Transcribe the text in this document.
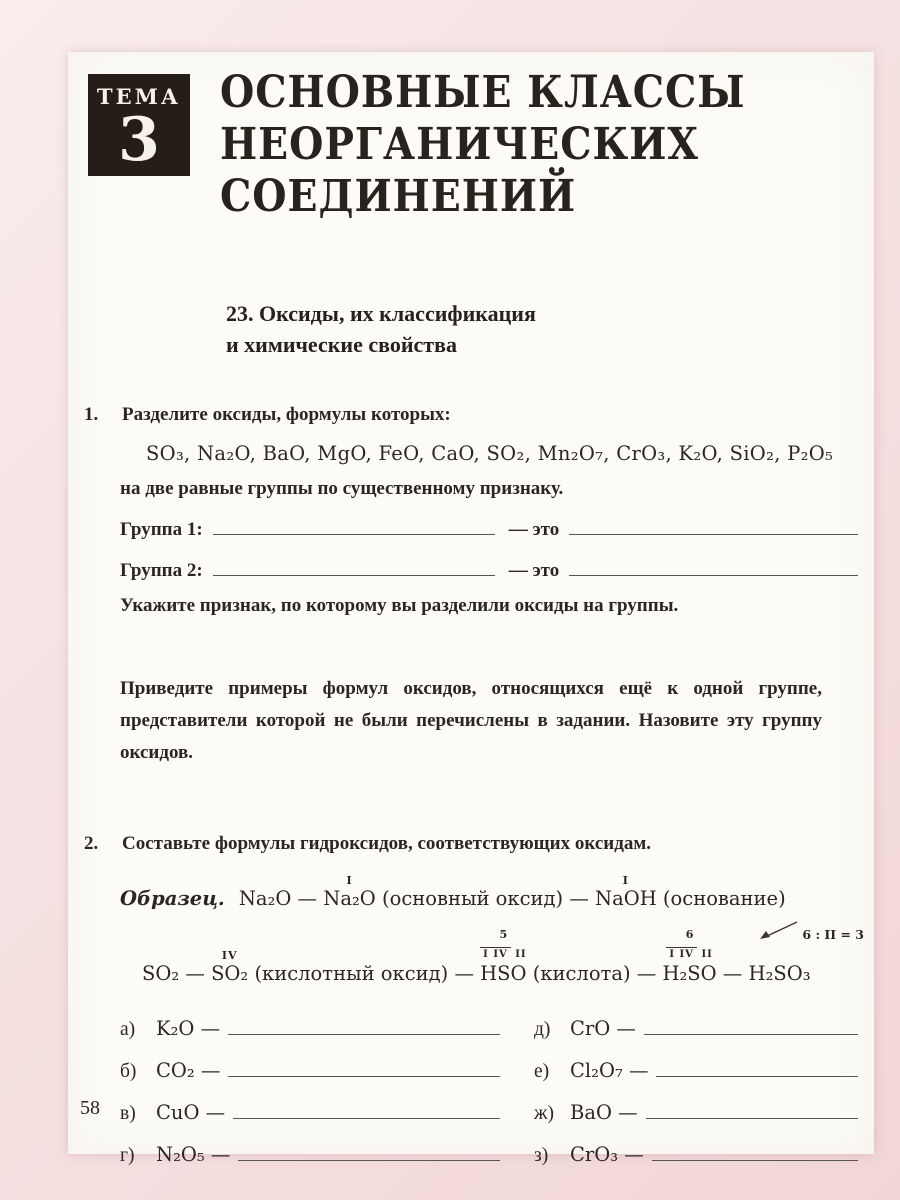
ТЕМА
3
ОСНОВНЫЕ КЛАССЫ
НЕОРГАНИЧЕСКИХ
СОЕДИНЕНИЙ
23. Оксиды, их классификация
и химические свойства
1.	Разделите оксиды, формулы которых:
SO₃, Na₂O, BaO, MgO, FeO, CaO, SO₂, Mn₂O₇, CrO₃, K₂O, SiO₂, P₂O₅
на две равные группы по существенному признаку.
Группа 1:	— это
Группа 2:	— это
Укажите признак, по которому вы разделили оксиды на группы.
Приведите примеры формул оксидов, относящихся ещё к одной группе, представители которой не были перечислены в задании. Назовите эту группу оксидов.
2.	Составьте формулы гидроксидов, соответствующих оксидам.
Образец. Na₂O —
I
Na₂O (основный оксид) —
I
NaOH (основание)
SO₂ —
IV
SO₂ (кислотный оксид) —
5
I IV II
HSO (кислота) —
6
I IV II
H₂SO — H₂SO₃
6 : II = 3
а)	K₂O —	д)	CrO —
б)	CO₂ —	е)	Cl₂O₇ —
в)	CuO —	ж) BaO —
г)	N₂O₅ —	з)	CrO₃ —
58
